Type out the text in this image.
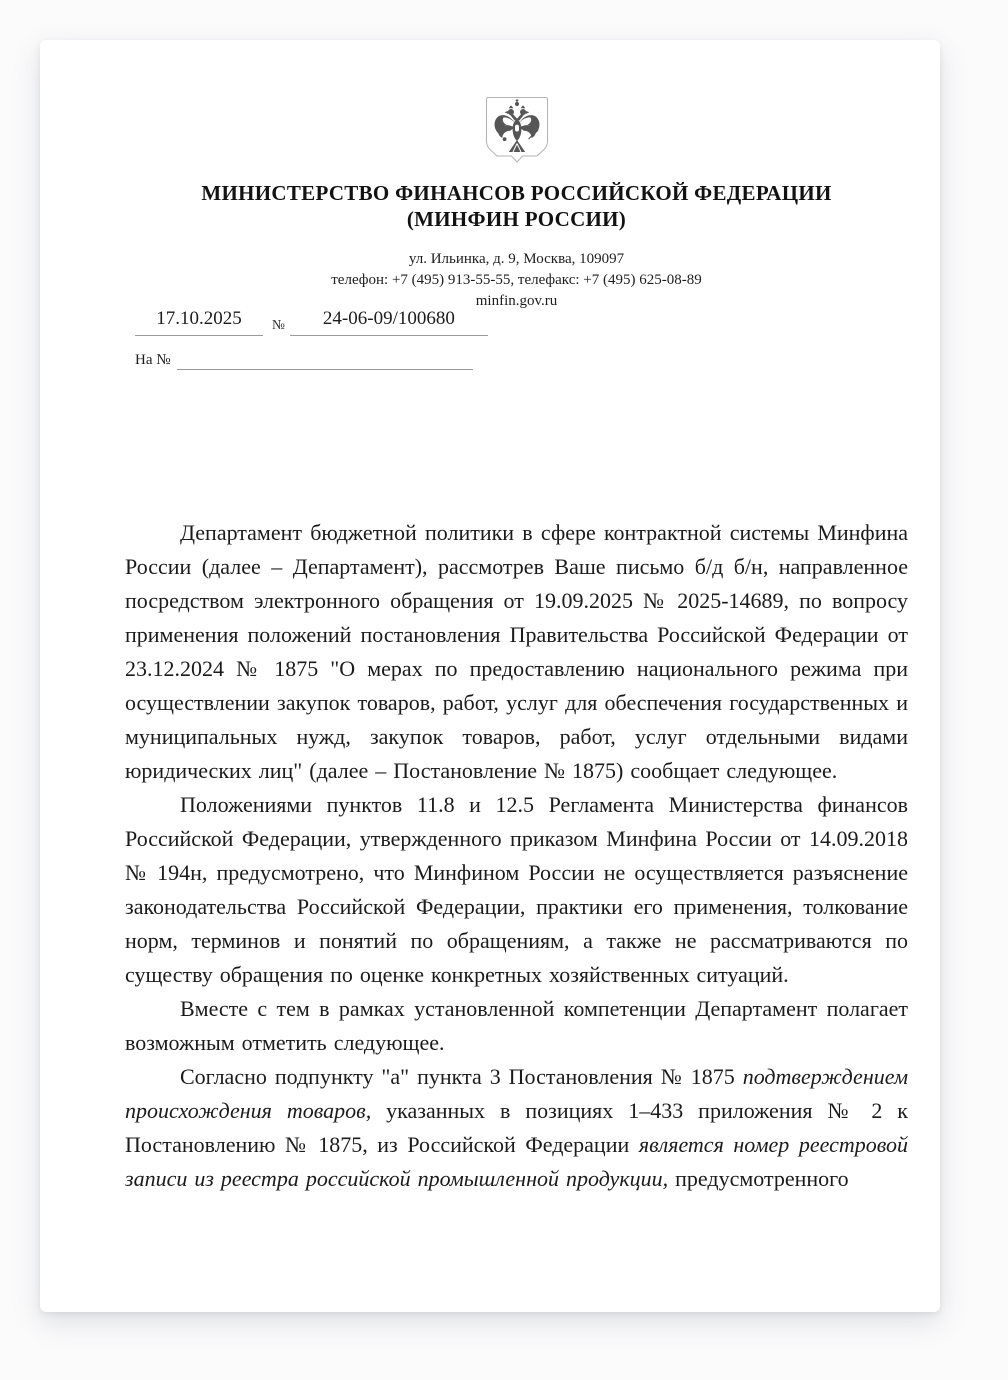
МИНИСТЕРСТВО ФИНАНСОВ РОССИЙСКОЙ ФЕДЕРАЦИИ
(МИНФИН РОССИИ)
ул. Ильинка, д. 9, Москва, 109097
телефон: +7 (495) 913-55-55, телефакс: +7 (495) 625-08-89
minfin.gov.ru
17.10.2025	№	24-06-09/100680
На №

Департамент бюджетной политики в сфере контрактной системы Минфина России (далее – Департамент), рассмотрев Ваше письмо б/д б/н, направленное посредством электронного обращения от 19.09.2025 № 2025-14689, по вопросу применения положений постановления Правительства Российской Федерации от 23.12.2024 № 1875 "О мерах по предоставлению национального режима при осуществлении закупок товаров, работ, услуг для обеспечения государственных и муниципальных нужд, закупок товаров, работ, услуг отдельными видами юридических лиц" (далее – Постановление № 1875) сообщает следующее.

Положениями пунктов 11.8 и 12.5 Регламента Министерства финансов Российской Федерации, утвержденного приказом Минфина России от 14.09.2018 № 194н, предусмотрено, что Минфином России не осуществляется разъяснение законодательства Российской Федерации, практики его применения, толкование норм, терминов и понятий по обращениям, а также не рассматриваются по существу обращения по оценке конкретных хозяйственных ситуаций.

Вместе с тем в рамках установленной компетенции Департамент полагает возможным отметить следующее.

Согласно подпункту "а" пункта 3 Постановления № 1875 подтверждением происхождения товаров, указанных в позициях 1–433 приложения № 2 к Постановлению № 1875, из Российской Федерации является номер реестровой записи из реестра российской промышленной продукции, предусмотренного
